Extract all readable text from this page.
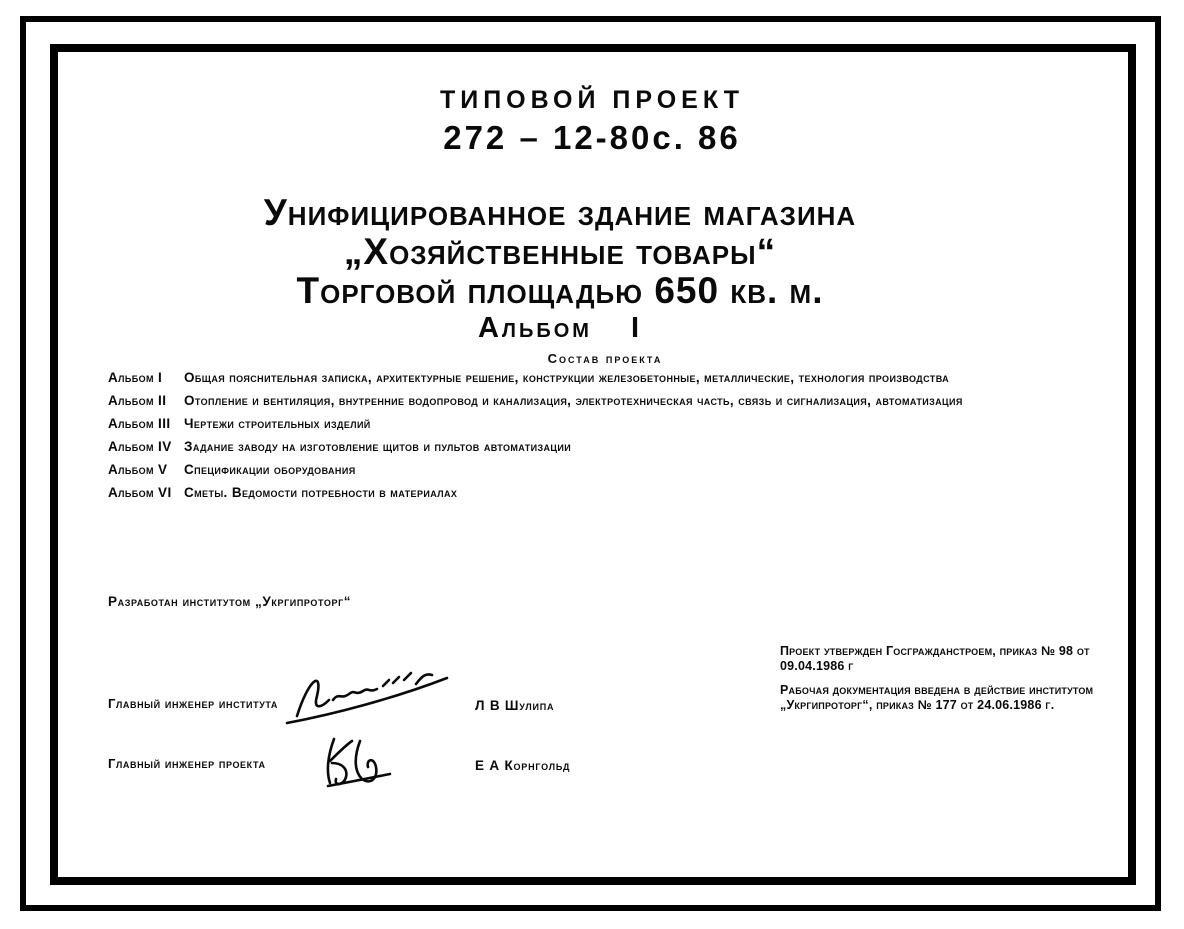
ТИПОВОЙ ПРОЕКТ
272 – 12-80с. 86
Унифицированное здание магазина
„Хозяйственные товары“
Торговой площадью 650 кв. м.
Альбом I
Состав проекта
Альбом I	Общая пояснительная записка, архитектурные решение, конструкции железобетонные, металлические, технология производства
Альбом II	Отопление и вентиляция, внутренние водопровод и канализация, электротехническая часть, связь и сигнализация, автоматизация
Альбом III Чертежи строительных изделий
Альбом IV Задание заводу на изготовление щитов и пультов автоматизации
Альбом V	Спецификации оборудования
Альбом VI Сметы. Ведомости потребности в материалах
Разработан институтом „Укргипроторг“
Проект утвержден Госгражданстроем, приказ № 98 от 09.04.1986 г
Рабочая документация введена в действие институтом „Укргипроторг“, приказ № 177 от 24.06.1986 г.
Главный инженер института	Л В Шулипа
Главный инженер проекта	Е А Корнгольд
